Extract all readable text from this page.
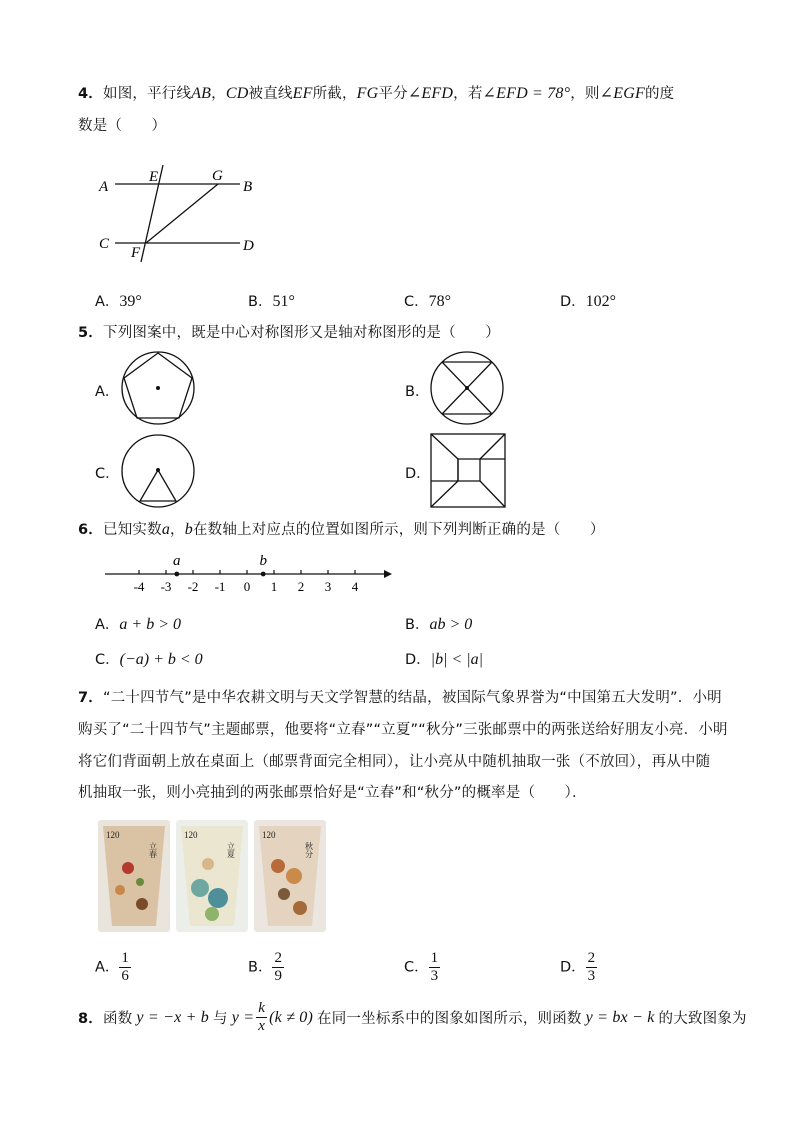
4．如图，平行线AB，CD被直线EF所截，FG平分∠EFD，若∠EFD = 78°，则∠EGF的度
数是（　　）
A	B
C	D
E
F
G
A．39°	B．51°	C．78°	D．102°
5．下列图案中，既是中心对称图形又是轴对称图形的是（　　）
A．	B．
C．	D．
6．已知实数a，b在数轴上对应点的位置如图所示，则下列判断正确的是（　　）
-4 -3 -2 -1 0 1 2 3 4
a	b
A．a + b > 0	B．ab > 0
C．(−a) + b < 0	D．|b| < |a|
7．“二十四节气”是中华农耕文明与天文学智慧的结晶，被国际气象界誉为“中国第五大发明”．小明
购买了“二十四节气”主题邮票，他要将“立春”“立夏”“秋分”三张邮票中的两张送给好朋友小亮．小明
将它们背面朝上放在桌面上（邮票背面完全相同），让小亮从中随机抽取一张（不放回），再从中随
机抽取一张，则小亮抽到的两张邮票恰好是“立春”和“秋分”的概率是（　　）．
120
立春
120
立夏
120
秋分
A． $\frac{1}{6}$	B． $\frac{2}{9}$	C． $\frac{1}{3}$	D． $\frac{2}{3}$
8． 函数 y = −x + b 与 $y = \frac{k}{x} (k \ne 0)$ 在同一坐标系中的图象如图所示，则函数 y = bx − k 的大致图象为
